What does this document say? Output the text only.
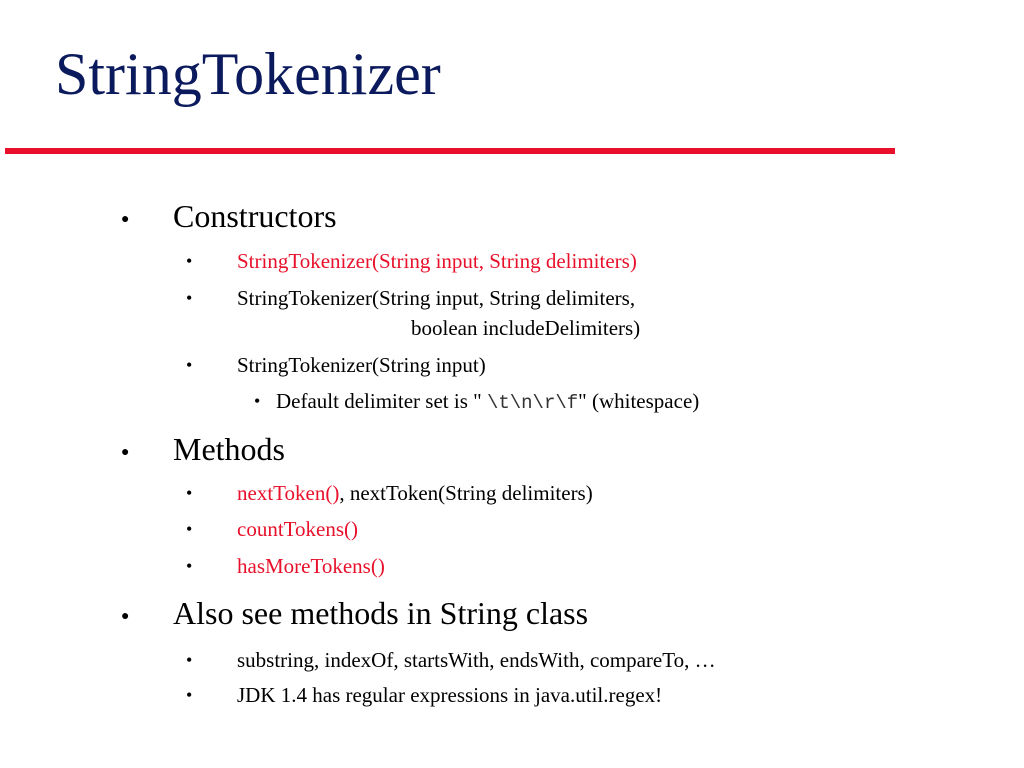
StringTokenizer
● Constructors
• StringTokenizer(String input, String delimiters)
• StringTokenizer(String input, String delimiters,
boolean includeDelimiters)
• StringTokenizer(String input)
• Default delimiter set is " \t\n\r\f" (whitespace)
● Methods
• nextToken(), nextToken(String delimiters)
• countTokens()
• hasMoreTokens()
● Also see methods in String class
• substring, indexOf, startsWith, endsWith, compareTo, …
• JDK 1.4 has regular expressions in java.util.regex!
